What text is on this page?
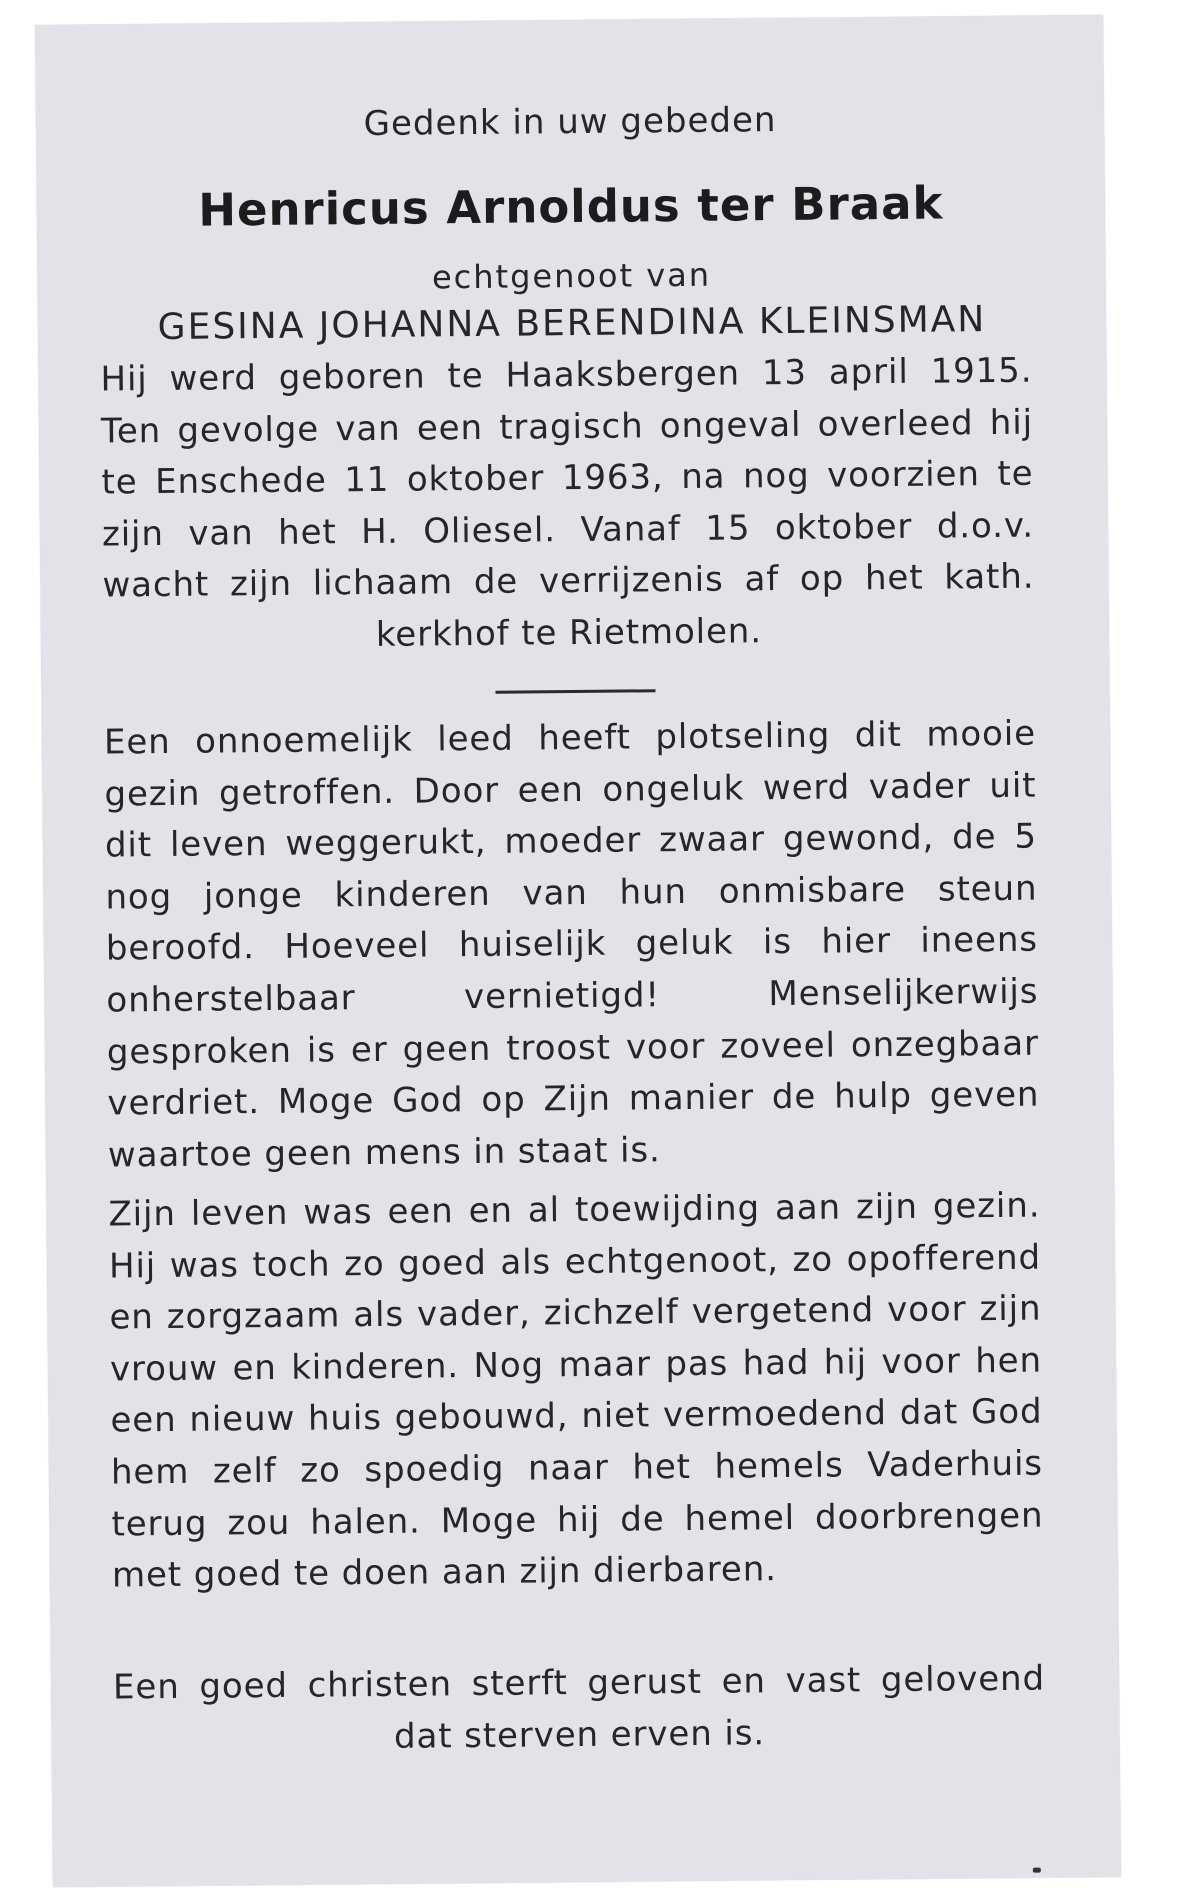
Gedenk in uw gebeden
Henricus Arnoldus ter Braak
echtgenoot van
GESINA JOHANNA BERENDINA KLEINSMAN
Hij werd geboren te Haaksbergen 13 april 1915. Ten gevolge van een tragisch ongeval overleed hij te Enschede 11 oktober 1963, na nog voorzien te zijn van het H. Oliesel. Vanaf 15 oktober d.o.v. wacht zijn lichaam de verrijzenis af op het kath. kerkhof te Rietmolen.
Een onnoemelijk leed heeft plotseling dit mooie gezin getroffen. Door een ongeluk werd vader uit dit leven weggerukt, moeder zwaar gewond, de 5 nog jonge kinderen van hun onmisbare steun beroofd. Hoeveel huiselijk geluk is hier ineens onherstelbaar vernietigd! Menselijkerwijs gesproken is er geen troost voor zoveel onzegbaar verdriet. Moge God op Zijn manier de hulp geven waartoe geen mens in staat is.
Zijn leven was een en al toewijding aan zijn gezin. Hij was toch zo goed als echtgenoot, zo opofferend en zorgzaam als vader, zichzelf vergetend voor zijn vrouw en kinderen. Nog maar pas had hij voor hen een nieuw huis gebouwd, niet vermoedend dat God hem zelf zo spoedig naar het hemels Vaderhuis terug zou halen. Moge hij de hemel doorbrengen met goed te doen aan zijn dierbaren.
Een goed christen sterft gerust en vast gelovend dat sterven erven is.
